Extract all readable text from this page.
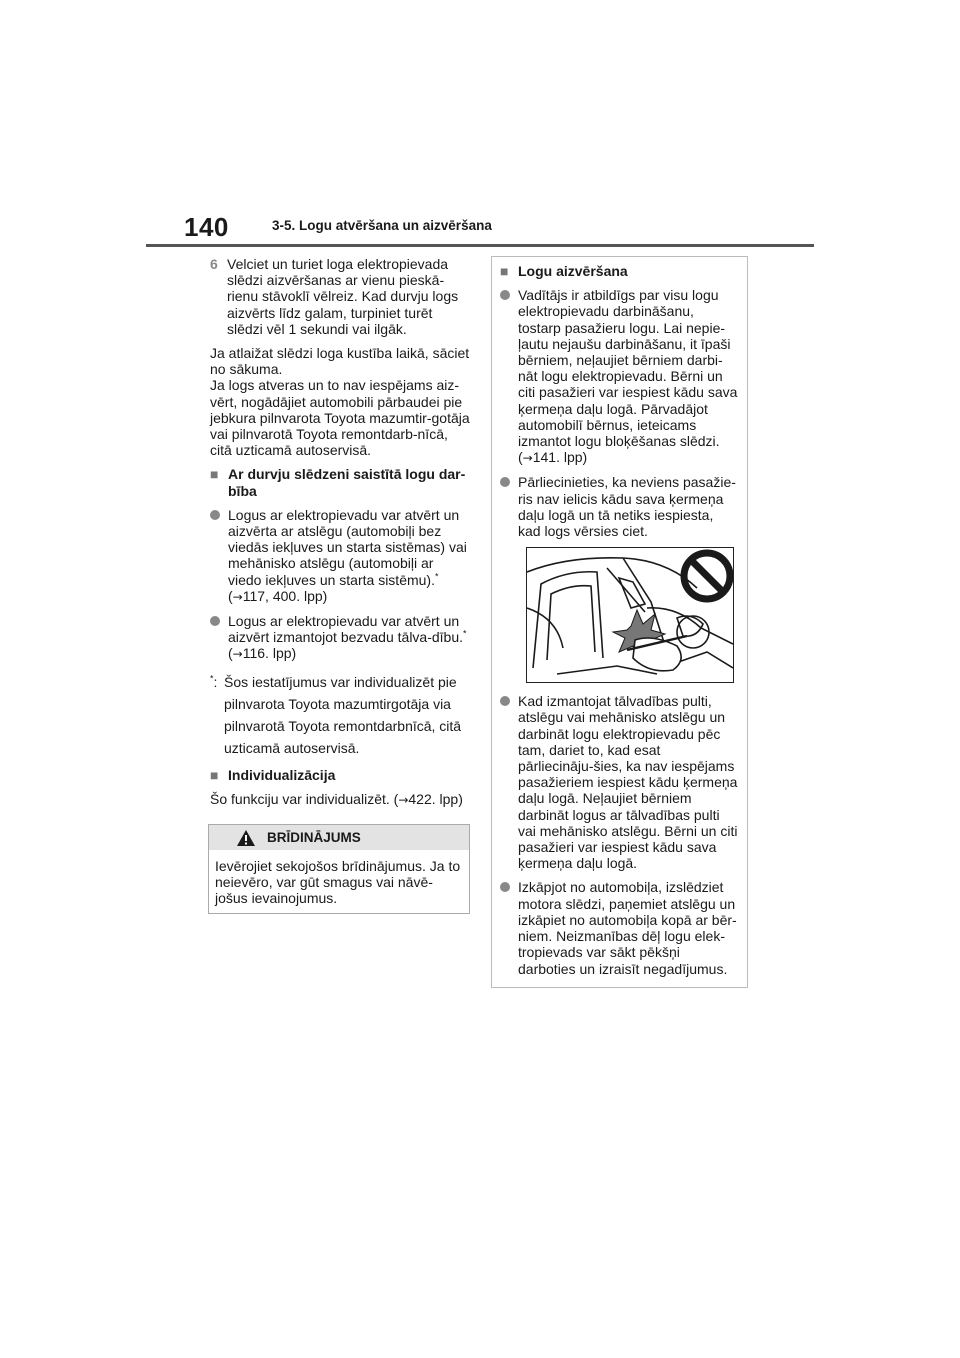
140	3-5. Logu atvēršana un aizvēršana
6 Velciet un turiet loga elektropievada slēdzi aizvēršanas ar vienu pieskā-rienu stāvoklī vēlreiz. Kad durvju logs aizvērts līdz galam, turpiniet turēt slēdzi vēl 1 sekundi vai ilgāk.

Ja atlaižat slēdzi loga kustība laikā, sāciet no sākuma.

Ja logs atveras un to nav iespējams aiz-vērt, nogādājiet automobili pārbaudei pie jebkura pilnvarota Toyota mazumtir-gotāja vai pilnvarotā Toyota remontdarb-nīcā, citā uzticamā autoservisā.

■ Ar durvju slēdzeni saistītā logu dar-bība
Logus ar elektropievadu var atvērt un aizvērta ar atslēgu (automobiļi bez viedās iekļuves un starta sistēmas) vai mehānisko atslēgu (automobiļi ar viedo iekļuves un starta sistēmu).*
(→117, 400. lpp)
Logus ar elektropievadu var atvērt un aizvērt izmantojot bezvadu tālva-dību.* (→116. lpp)
*: Šos iestatījumus var individualizēt pie pilnvarota Toyota mazumtirgotāja via pilnvarotā Toyota remontdarbnīcā, citā uzticamā autoservisā.
■ Individualizācija

Šo funkciju var individualizēt. (→422. lpp)

BRĪDINĀJUMS
Ievērojiet sekojošos brīdinājumus. Ja to neievēro, var gūt smagus vai nāvē-jošus ievainojumus.
■ Logu aizvēršana
Vadītājs ir atbildīgs par visu logu elektropievadu darbināšanu, tostarp pasažieru logu. Lai nepie-ļautu nejaušu darbināšanu, it īpaši bērniem, neļaujiet bērniem darbi-nāt logu elektropievadu. Bērni un citi pasažieri var iespiest kādu sava ķermeņa daļu logā. Pārvadājot automobilī bērnus, ieteicams izmantot logu bloķēšanas slēdzi.
(→141. lpp)
Pārliecinieties, ka neviens pasažie-ris nav ielicis kādu sava ķermeņa daļu logā un tā netiks iespiesta, kad logs vērsies ciet.
Kad izmantojat tālvadības pulti, atslēgu vai mehānisko atslēgu un darbināt logu elektropievadu pēc tam, dariet to, kad esat pārliecināju-šies, ka nav iespējams pasažieriem iespiest kādu ķermeņa daļu logā. Neļaujiet bērniem darbināt logus ar tālvadības pulti vai mehānisko atslēgu. Bērni un citi pasažieri var iespiest kādu sava ķermeņa daļu logā.
Izkāpjot no automobiļa, izslēdziet motora slēdzi, paņemiet atslēgu un izkāpiet no automobiļa kopā ar bēr-niem. Neizmanības dēļ logu elek-tropievads var sākt pēkšņi darboties un izraisīt negadījumus.
